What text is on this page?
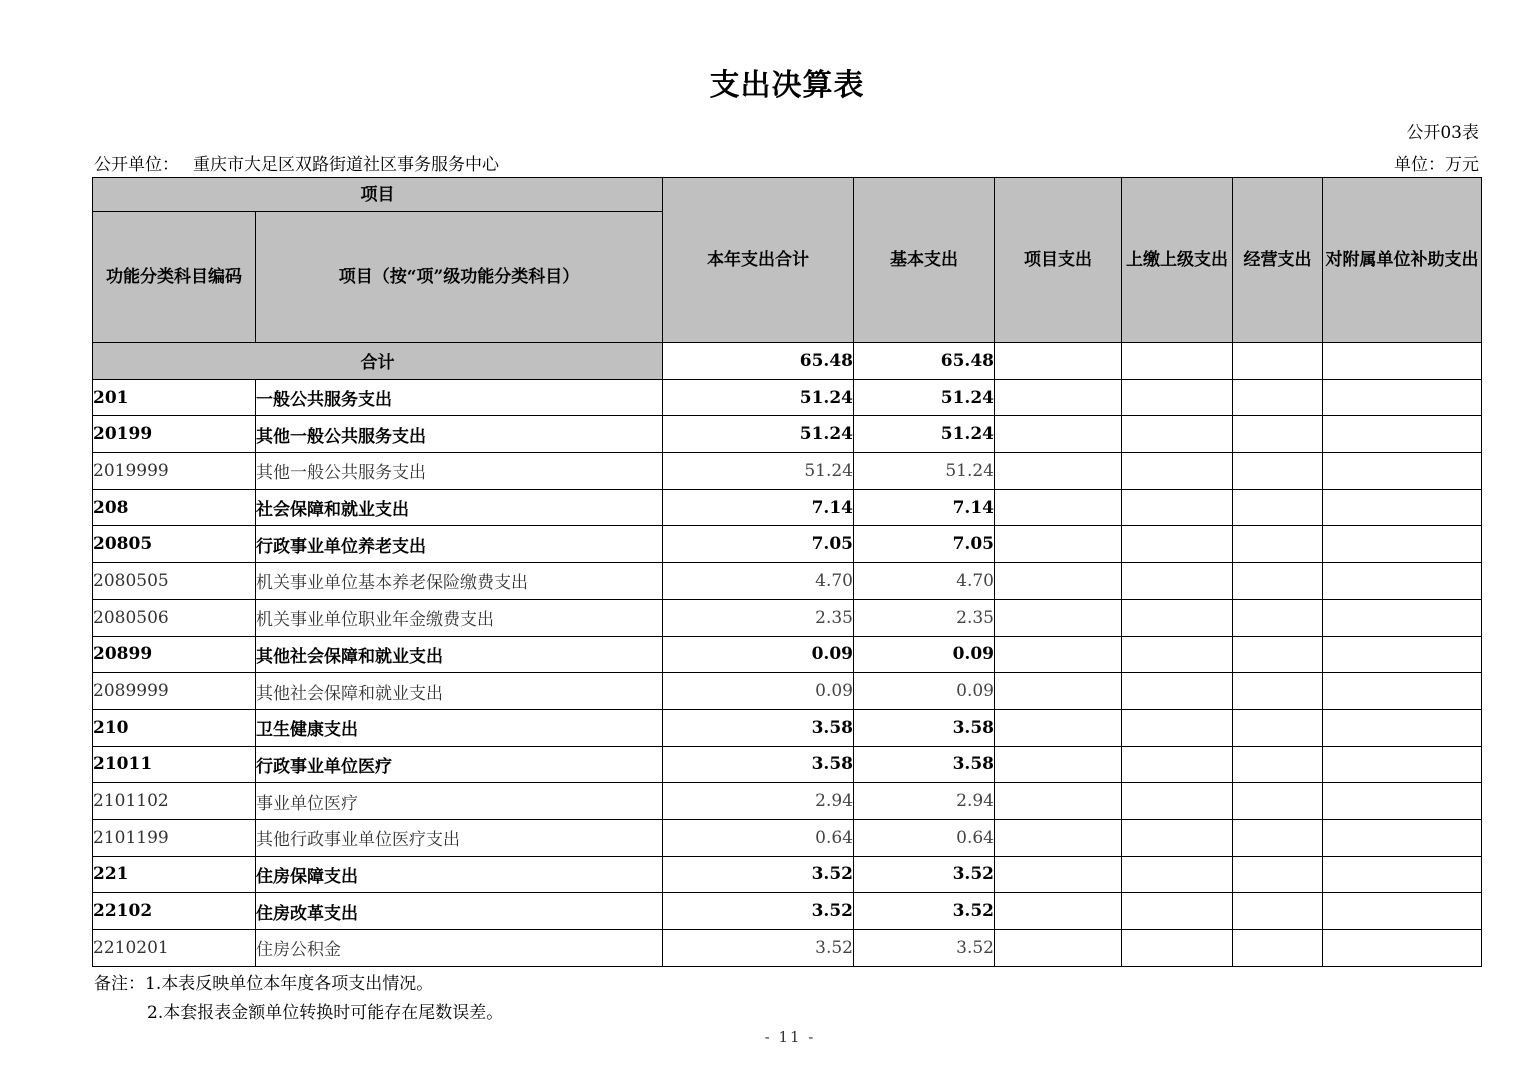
支出决算表
公开03表
公开单位： 重庆市大足区双路街道社区事务服务中心	单位：万元
项目		本年支出合计	基本支出	项目支出	上缴上级支出	经营支出	对附属单位补助支出
功能分类科目编码	项目（按“项”级功能分类科目）						
合计		65.48	65.48				
201	一般公共服务支出	51.24	51.24				
20199	其他一般公共服务支出	51.24	51.24				
2019999	其他一般公共服务支出	51.24	51.24				
208	社会保障和就业支出	7.14	7.14				
20805	行政事业单位养老支出	7.05	7.05				
2080505	机关事业单位基本养老保险缴费支出	4.70	4.70				
2080506	机关事业单位职业年金缴费支出	2.35	2.35				
20899	其他社会保障和就业支出	0.09	0.09				
2089999	其他社会保障和就业支出	0.09	0.09				
210	卫生健康支出	3.58	3.58				
21011	行政事业单位医疗	3.58	3.58				
2101102	事业单位医疗	2.94	2.94				
2101199	其他行政事业单位医疗支出	0.64	0.64				
221	住房保障支出	3.52	3.52				
22102	住房改革支出	3.52	3.52				
2210201	住房公积金	3.52	3.52				
备注：1.本表反映单位本年度各项支出情况。
2.本套报表金额单位转换时可能存在尾数误差。
- 11 -
